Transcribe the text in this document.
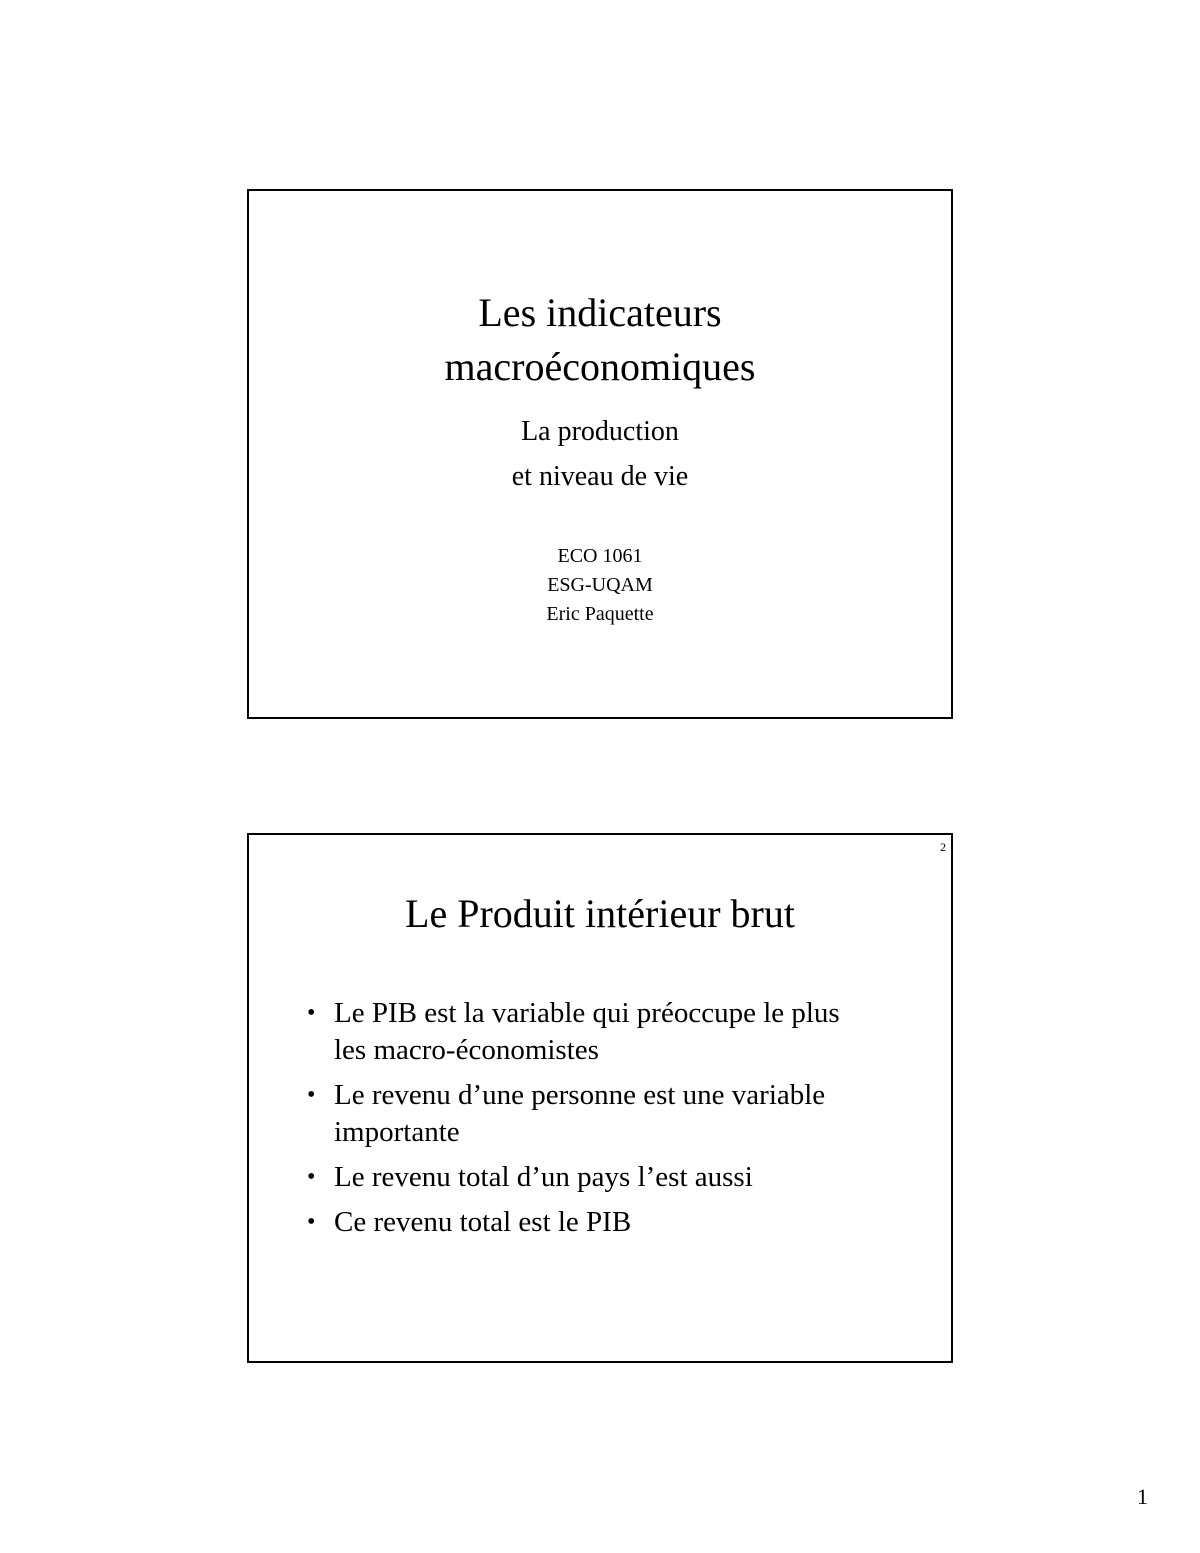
Les indicateurs
macroéconomiques
La production
et niveau de vie
ECO 1061
ESG-UQAM
Eric Paquette
2
Le Produit intérieur brut
• Le PIB est la variable qui préoccupe le plus
les macro-économistes
• Le revenu d’une personne est une variable
importante
• Le revenu total d’un pays l’est aussi
• Ce revenu total est le PIB
1
